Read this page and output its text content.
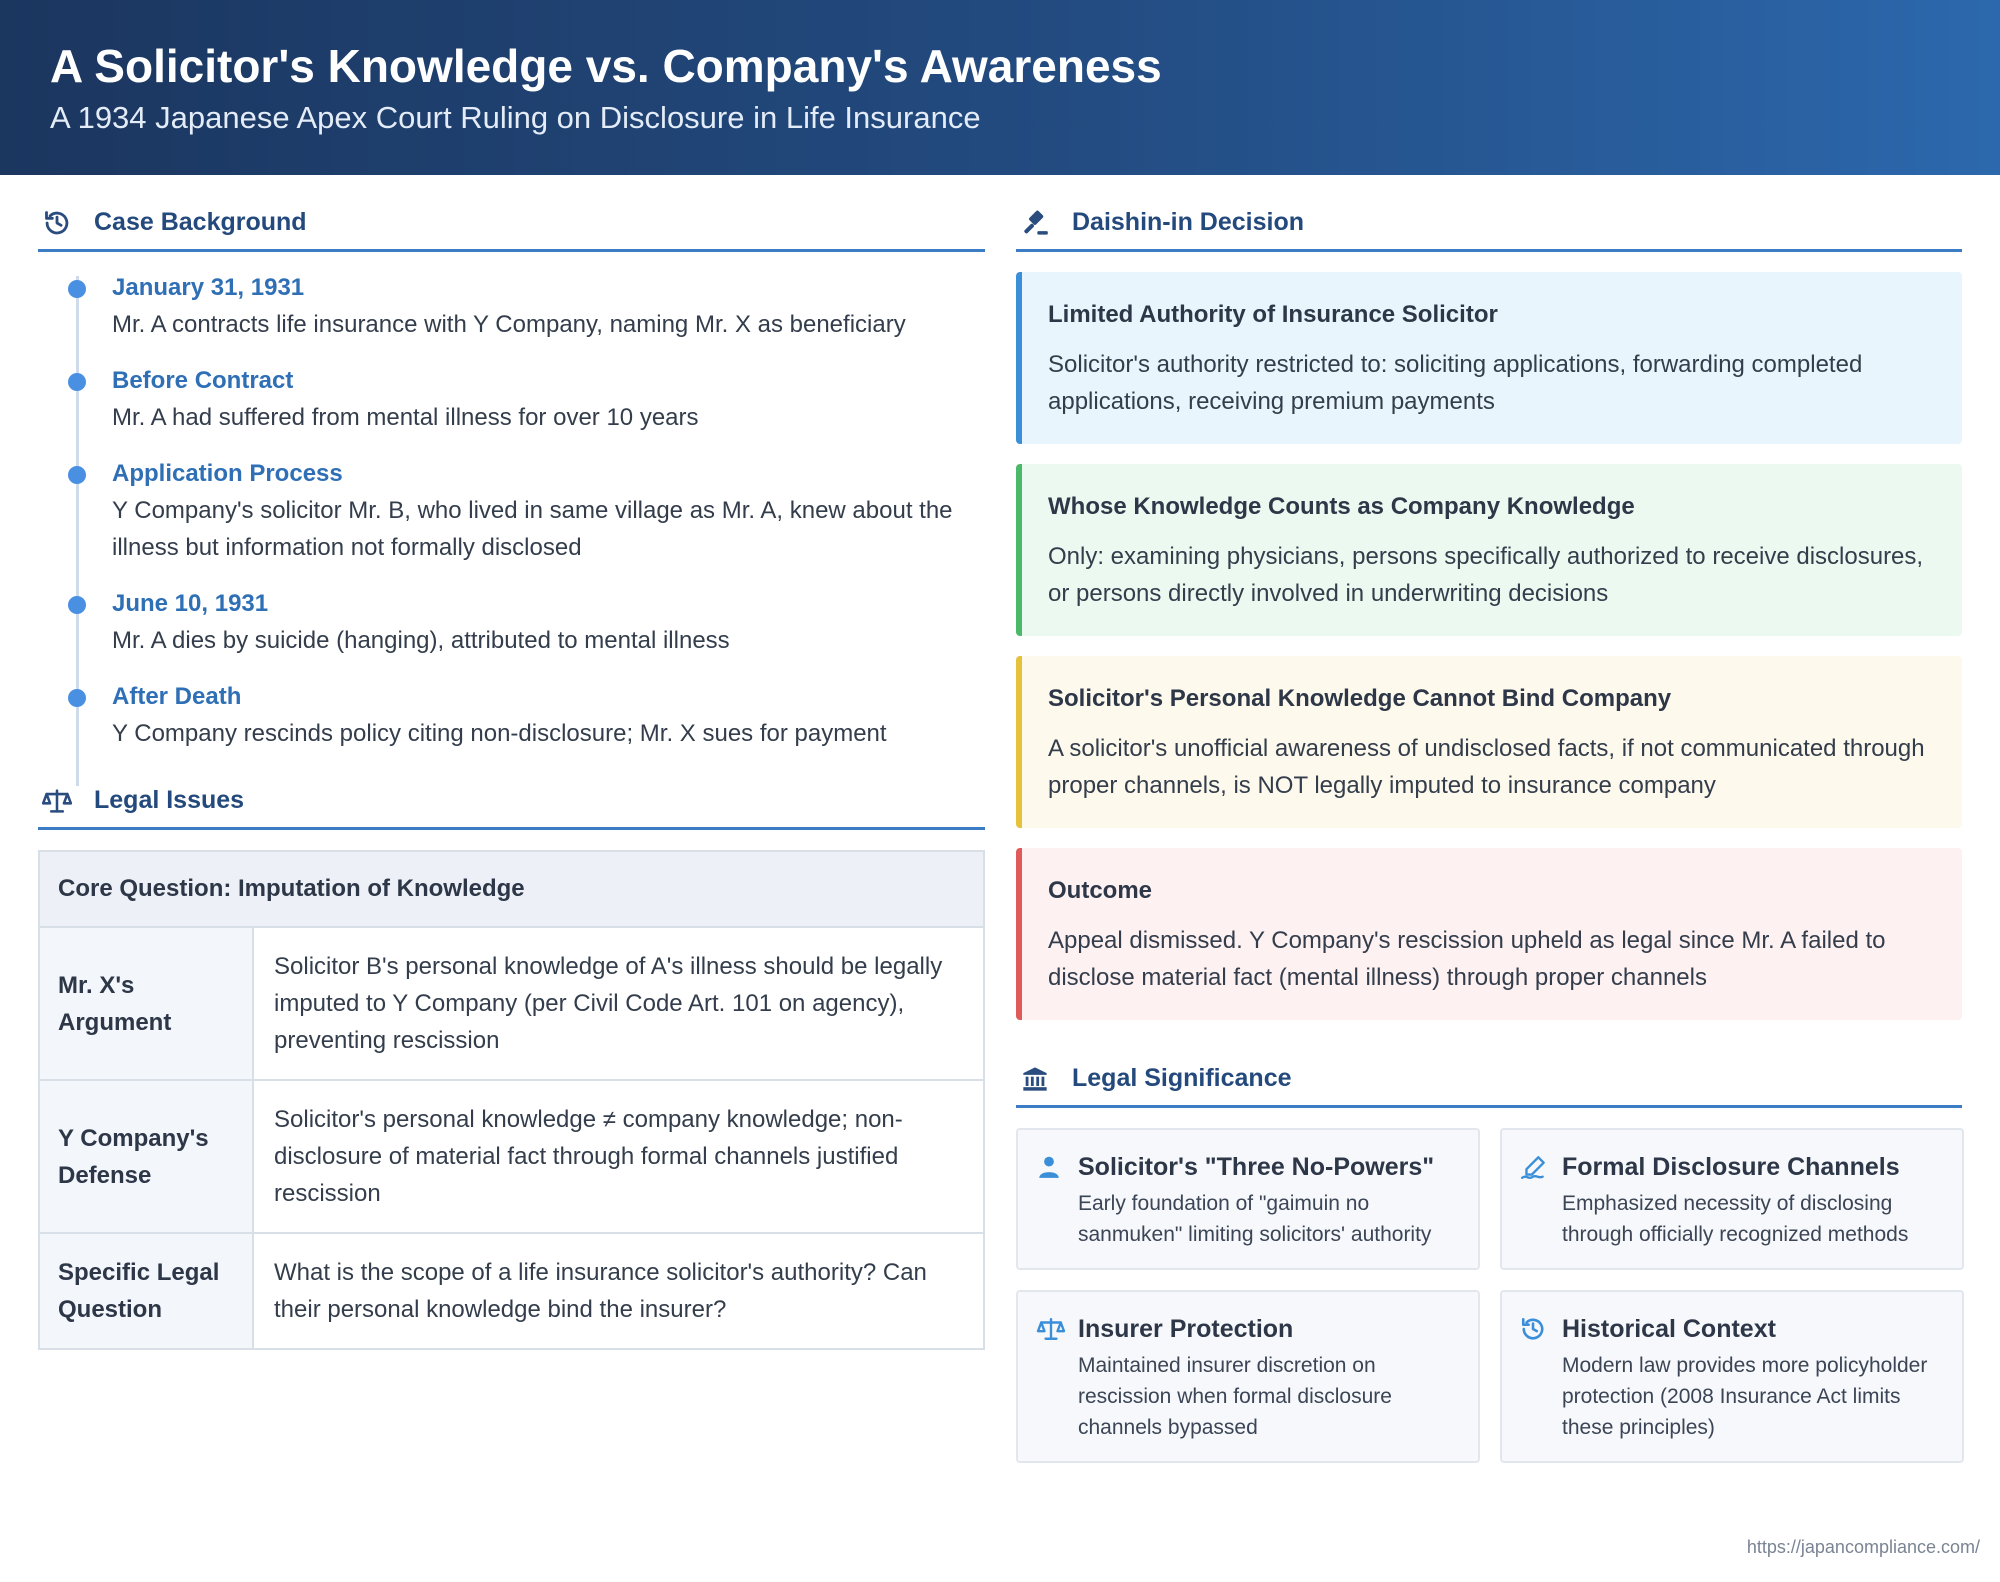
A Solicitor's Knowledge vs. Company's Awareness
A 1934 Japanese Apex Court Ruling on Disclosure in Life Insurance
Case Background
January 31, 1931
Mr. A contracts life insurance with Y Company, naming Mr. X as beneficiary
Before Contract
Mr. A had suffered from mental illness for over 10 years
Application Process
Y Company's solicitor Mr. B, who lived in same village as Mr. A, knew about the illness but information not formally disclosed
June 10, 1931
Mr. A dies by suicide (hanging), attributed to mental illness
After Death
Y Company rescinds policy citing non-disclosure; Mr. X sues for payment
Legal Issues
Core Question: Imputation of Knowledge
Mr. X's Argument
Solicitor B's personal knowledge of A's illness should be legally imputed to Y Company (per Civil Code Art. 101 on agency), preventing rescission
Y Company's Defense
Solicitor's personal knowledge ≠ company knowledge; non-disclosure of material fact through formal channels justified rescission
Specific Legal Question
What is the scope of a life insurance solicitor's authority? Can their personal knowledge bind the insurer?
Daishin-in Decision
Limited Authority of Insurance Solicitor
Solicitor's authority restricted to: soliciting applications, forwarding completed applications, receiving premium payments
Whose Knowledge Counts as Company Knowledge
Only: examining physicians, persons specifically authorized to receive disclosures, or persons directly involved in underwriting decisions
Solicitor's Personal Knowledge Cannot Bind Company
A solicitor's unofficial awareness of undisclosed facts, if not communicated through proper channels, is NOT legally imputed to insurance company
Outcome
Appeal dismissed. Y Company's rescission upheld as legal since Mr. A failed to disclose material fact (mental illness) through proper channels
Legal Significance
Solicitor's "Three No-Powers"
Early foundation of "gaimuin no sanmuken" limiting solicitors' authority
Formal Disclosure Channels
Emphasized necessity of disclosing through officially recognized methods
Insurer Protection
Maintained insurer discretion on rescission when formal disclosure channels bypassed
Historical Context
Modern law provides more policyholder protection (2008 Insurance Act limits these principles)
https://japancompliance.com/
